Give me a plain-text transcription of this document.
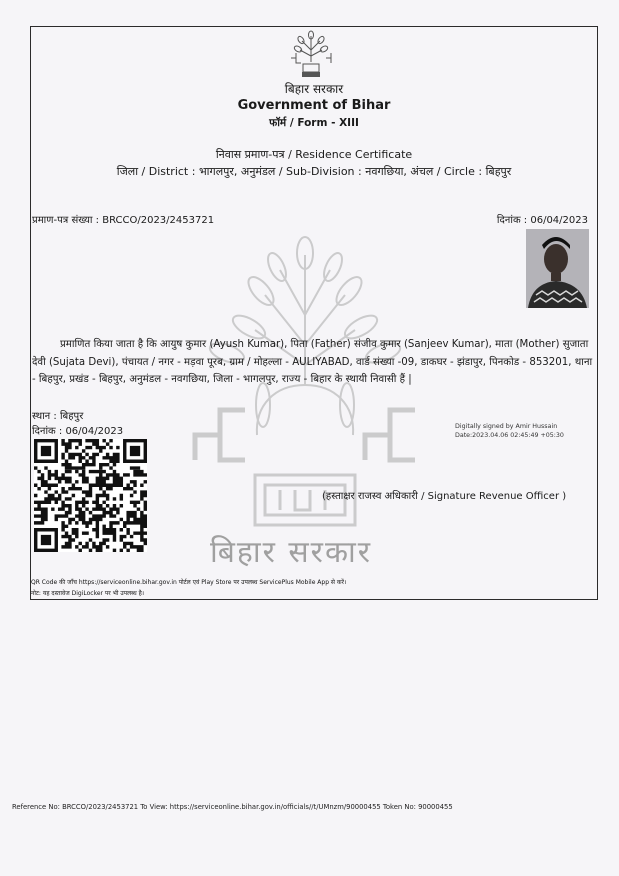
बिहार सरकार
बिहार सरकार
Government of Bihar
फॉर्म / Form - XIII
निवास प्रमाण-पत्र / Residence Certificate
जिला / District : भागलपुर, अनुमंडल / Sub-Division : नवगछिया, अंचल / Circle : बिहपुर
प्रमाण-पत्र संख्या : BRCCO/2023/2453721	दिनांक : 06/04/2023
प्रमाणित किया जाता है कि आयुष कुमार (Ayush Kumar), पिता (Father) संजीव कुमार (Sanjeev Kumar), माता (Mother) सुजाता देवी (Sujata Devi), पंचायत / नगर - मड़वा पूरब, ग्राम / मोहल्ला - AULIYABAD, वार्ड संख्या -09, डाकघर - झंडापुर, पिनकोड - 853201, थाना - बिहपुर, प्रखंड - बिहपुर, अनुमंडल - नवगछिया, जिला - भागलपुर, राज्य - बिहार के स्थायी निवासी हैं |
स्थान : बिहपुर
दिनांक : 06/04/2023	Digitally signed by Amir Hussain
Date:2023.04.06 02:45:49 +05:30
(हस्ताक्षर राजस्व अधिकारी / Signature Revenue Officer )
QR Code की जाँच https://serviceonline.bihar.gov.in पोर्टल एवं Play Store पर उपलब्ध ServicePlus Mobile App से करें।
नोट: यह दस्तावेज DigiLocker पर भी उपलब्ध है।
Reference No: BRCCO/2023/2453721 To View: https://serviceonline.bihar.gov.in/officials//t/UMnzm/90000455 Token No: 90000455
